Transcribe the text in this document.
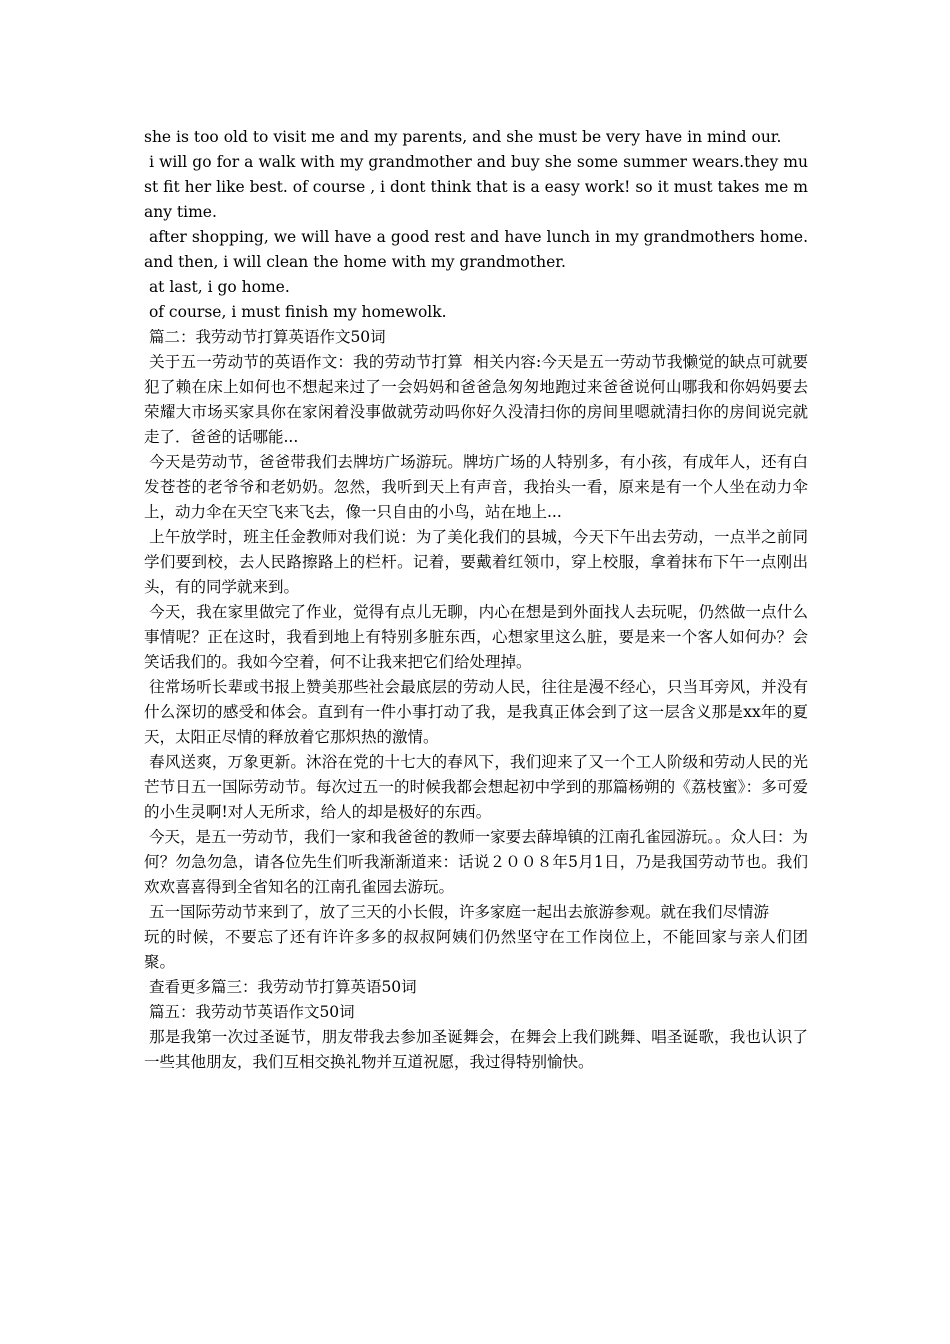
she is too old to visit me and my parents, and she must be very have in mind our.

i will go for a walk with my grandmother and buy she some summer wears.they must fit her like best. of course , i dont think that is a easy work! so it must takes me many time.

after shopping, we will have a good rest and have lunch in my grandmothers home.  and then, i will clean the home with my grandmother.

at last, i go home.

of course, i must finish my homewolk.

篇二：我劳动节打算英语作文50词

关于五一劳动节的英语作文：我的劳动节打算  相关内容:今天是五一劳动节我懒觉的缺点可就要犯了赖在床上如何也不想起来过了一会妈妈和爸爸急匆匆地跑过来爸爸说何山哪我和你妈妈要去荣耀大市场买家具你在家闲着没事做就劳动吗你好久没清扫你的房间里嗯就清扫你的房间说完就走了．爸爸的话哪能...

今天是劳动节，爸爸带我们去牌坊广场游玩。牌坊广场的人特别多，有小孩，有成年人，还有白发苍苍的老爷爷和老奶奶。忽然，我听到天上有声音，我抬头一看，原来是有一个人坐在动力伞上，动力伞在天空飞来飞去，像一只自由的小鸟，站在地上...

上午放学时，班主任金教师对我们说：为了美化我们的县城，今天下午出去劳动，一点半之前同学们要到校，去人民路擦路上的栏杆。记着，要戴着红领巾，穿上校服，拿着抹布下午一点刚出头，有的同学就来到。

今天，我在家里做完了作业，觉得有点儿无聊，内心在想是到外面找人去玩呢，仍然做一点什么事情呢？正在这时，我看到地上有特别多脏东西，心想家里这么脏，要是来一个客人如何办？会笑话我们的。我如今空着，何不让我来把它们给处理掉。

往常场听长辈或书报上赞美那些社会最底层的劳动人民，往往是漫不经心，只当耳旁风，并没有什么深切的感受和体会。直到有一件小事打动了我，是我真正体会到了这一层含义那是xx年的夏天，太阳正尽情的释放着它那炽热的激情。

春风送爽，万象更新。沐浴在党的十七大的春风下，我们迎来了又一个工人阶级和劳动人民的光芒节日五一国际劳动节。每次过五一的时候我都会想起初中学到的那篇杨朔的《荔枝蜜》：多可爱的小生灵啊!对人无所求，给人的却是极好的东西。

今天，是五一劳动节，我们一家和我爸爸的教师一家要去薛埠镇的江南孔雀园游玩。。众人曰：为何？勿急勿急，请各位先生们听我渐渐道来：话说２００８年5月1日，乃是我国劳动节也。我们欢欢喜喜得到全省知名的江南孔雀园去游玩。

五一国际劳动节来到了，放了三天的小长假，许多家庭一起出去旅游参观。就在我们尽情游

玩的时候，不要忘了还有许许多多的叔叔阿姨们仍然坚守在工作岗位上，不能回家与亲人们团聚。

查看更多篇三：我劳动节打算英语50词

篇五：我劳动节英语作文50词

那是我第一次过圣诞节，朋友带我去参加圣诞舞会，在舞会上我们跳舞、唱圣诞歌，我也认识了一些其他朋友，我们互相交换礼物并互道祝愿，我过得特别愉快。
